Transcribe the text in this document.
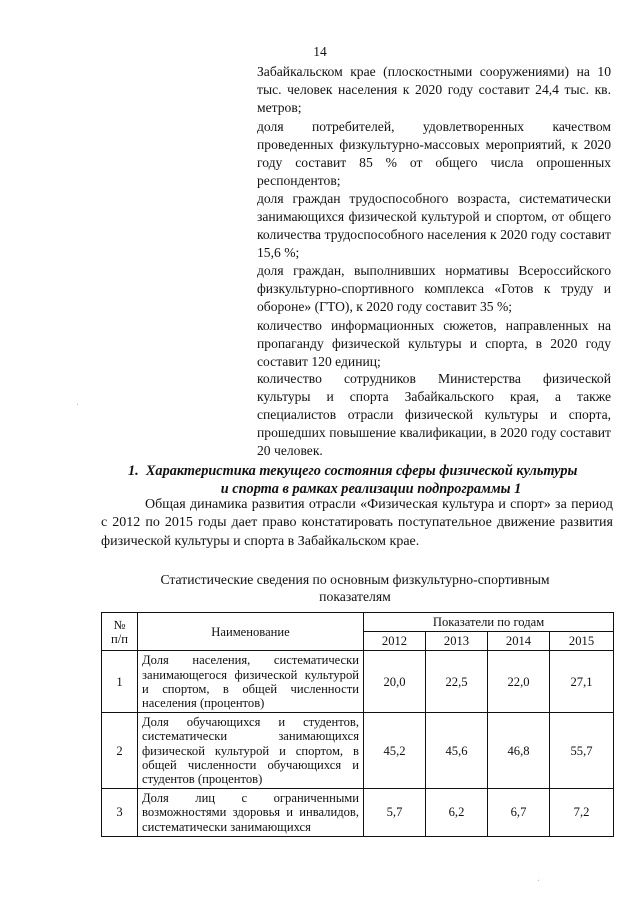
14
Забайкальском крае (плоскостными сооружениями) на 10 тыс. человек населения к 2020 году составит 24,4 тыс. кв. метров;
доля потребителей, удовлетворенных качеством проведенных физкультурно-массовых мероприятий, к 2020 году составит 85 % от общего числа опрошенных респондентов;
доля граждан трудоспособного возраста, систематически занимающихся физической культурой и спортом, от общего количества трудоспособного населения к 2020 году составит 15,6 %;
доля граждан, выполнивших нормативы Всероссийского физкультурно-спортивного комплекса «Готов к труду и обороне» (ГТО), к 2020 году составит 35 %;
количество информационных сюжетов, направленных на пропаганду физической культуры и спорта, в 2020 году составит 120 единиц;
количество сотрудников Министерства физической культуры и спорта Забайкальского края, а также специалистов отрасли физической культуры и спорта, прошедших повышение квалификации, в 2020 году составит 20 человек.
1. Характеристика текущего состояния сферы физической культуры
и спорта в рамках реализации подпрограммы 1
Общая динамика развития отрасли «Физическая культура и спорт» за период с 2012 по 2015 годы дает право констатировать поступательное движение развития физической культуры и спорта в Забайкальском крае.
Статистические сведения по основным физкультурно-спортивным
показателям
№
п/п	Наименование	Показатели по годам			
		2012	2013	2014	2015
1	Доля населения, систематически занимающегося физической культурой и спортом, в общей численности населения (процентов)	20,0	22,5	22,0	27,1
2	Доля обучающихся и студентов, систематически занимающихся физической культурой и спортом, в общей численности обучающихся и студентов (процентов)	45,2	45,6	46,8	55,7
3	Доля лиц с ограниченными возможностями здоровья и инвалидов, систематически занимающихся	5,7	6,2	6,7	7,2
·
·
